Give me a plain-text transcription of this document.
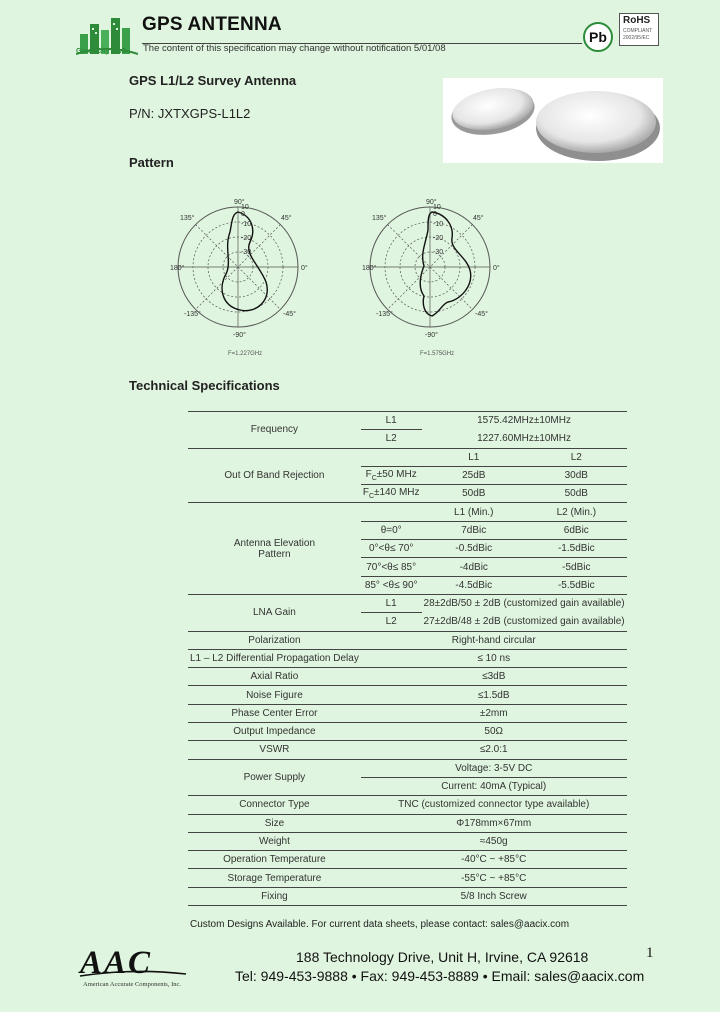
GreenCity AAC
GPS ANTENNA
The content of this specification may change without notification 5/01/08
Pb
RoHS
COMPLIANT
2002/95/EC
GPS L1/L2 Survey Antenna
P/N: JXTXGPS-L1L2
Pattern
90°
135°	45°
180°	0°
-135°	-45°
-90°
-30
-20
-10
0
10
F=1.227GHz
90°
135°	45°
180°	0°
-135°	-45°
-90°
-30
-20
-10
0
10
F=1.575GHz
Technical Specifications
Frequency	L1	1575.42MHz±10MHz	
	L2	1227.60MHz±10MHz	
Out Of Band Rejection		L1	L2
	$F_C\pm 50$ MHz	25dB	30dB
	$F_C\pm 140$ MHz	50dB	50dB

Antenna Elevation
Pattern		L1 (Min.)	L2 (Min.)
	θ=0°	7dBic	6dBic
	0°<θ≤ 70°	-0.5dBic	-1.5dBic
	70°<θ≤ 85°	-4dBic	-5dBic
	85° <θ≤ 90°	-4.5dBic	-5.5dBic
LNA Gain	L1	28±2dB/50 ± 2dB (customized gain available)	
	L2	27±2dB/48 ± 2dB (customized gain available)	
Polarization	Right-hand circular		
L1 – L2 Differential Propagation Delay	≤ 10 ns		
Axial Ratio	≤3dB		
Noise Figure	≤1.5dB		
Phase Center Error	±2mm		
Output Impedance	50Ω		
VSWR	≤2.0:1		
Power Supply	Voltage: 3-5V DC		
	Current: 40mA (Typical)		
Connector Type	TNC (customized connector type available)		
Size	Φ178mm×67mm		
Weight	≈450g		
Operation Temperature	-40°C ~ +85°C		
Storage Temperature	-55°C ~ +85°C		
Fixing	5/8 Inch Screw		
Custom Designs Available. For current data sheets, please contact: sales@aacix.com
AAC
American Accurate Components, Inc.
188 Technology Drive, Unit H, Irvine, CA 92618
Tel: 949-453-9888 • Fax: 949-453-8889 • Email: sales@aacix.com
1
